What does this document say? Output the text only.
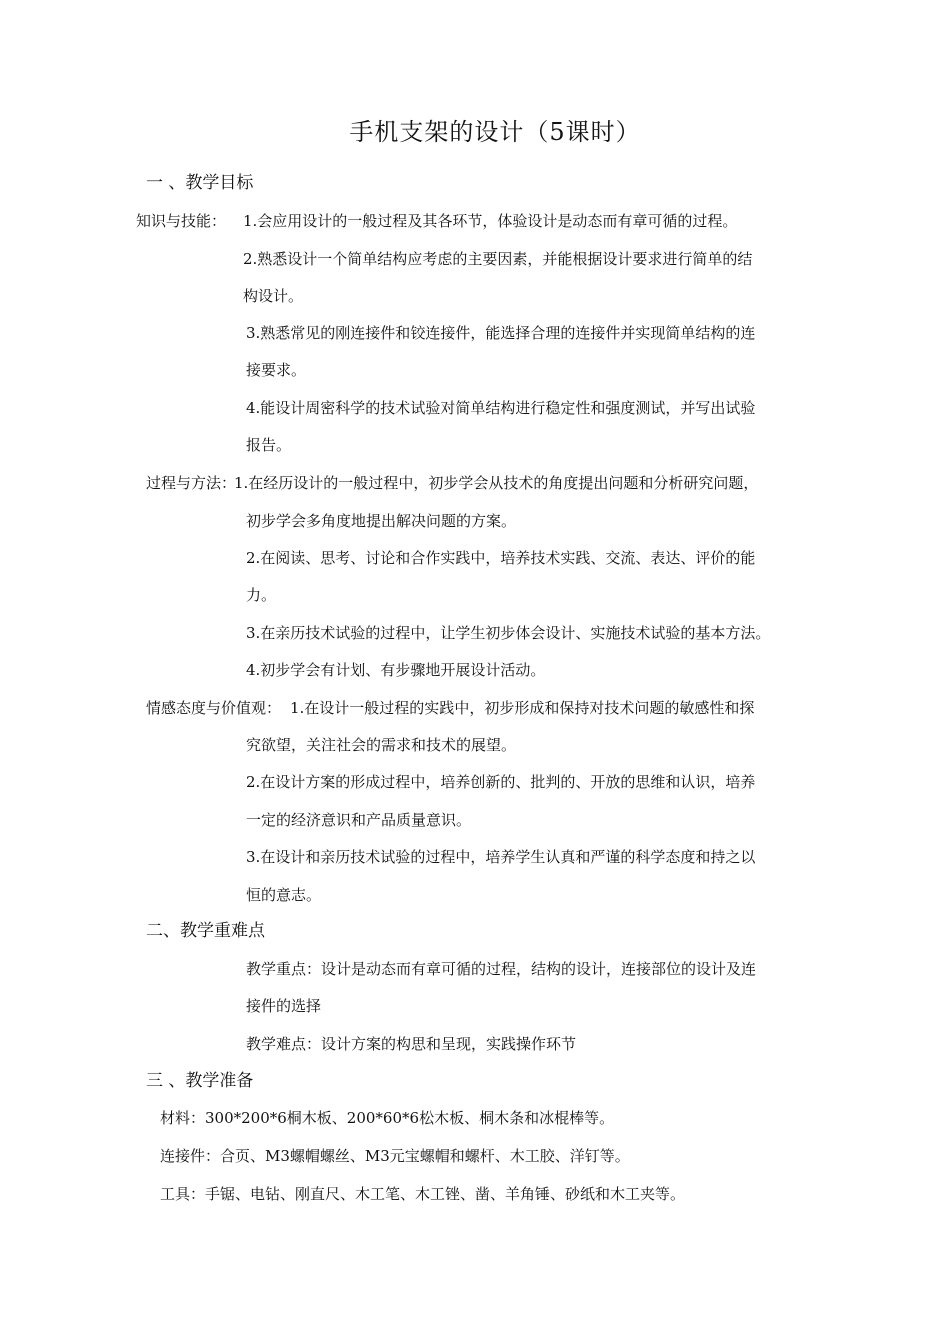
手机支架的设计（5课时）
一 、教学目标
知识与技能： 1.会应用设计的一般过程及其各环节，体验设计是动态而有章可循的过程。
2.熟悉设计一个简单结构应考虑的主要因素，并能根据设计要求进行简单的结
构设计。
3.熟悉常见的刚连接件和铰连接件，能选择合理的连接件并实现简单结构的连
接要求。
4.能设计周密科学的技术试验对简单结构进行稳定性和强度测试，并写出试验
报告。
过程与方法：
1.在经历设计的一般过程中，初步学会从技术的角度提出问题和分析研究问题，
初步学会多角度地提出解决问题的方案。
2.在阅读、思考、讨论和合作实践中，培养技术实践、交流、表达、评价的能
力。
3.在亲历技术试验的过程中，让学生初步体会设计、实施技术试验的基本方法。
4.初步学会有计划、有步骤地开展设计活动。
情感态度与价值观： 1.在设计一般过程的实践中，初步形成和保持对技术问题的敏感性和探
究欲望，关注社会的需求和技术的展望。
2.在设计方案的形成过程中，培养创新的、批判的、开放的思维和认识，培养
一定的经济意识和产品质量意识。
3.在设计和亲历技术试验的过程中，培养学生认真和严谨的科学态度和持之以
恒的意志。
二、教学重难点
教学重点：设计是动态而有章可循的过程，结构的设计，连接部位的设计及连
接件的选择
教学难点：设计方案的构思和呈现，实践操作环节
三 、教学准备
材料：300*200*6桐木板、200*60*6松木板、桐木条和冰棍棒等。
连接件：合页、M3螺帽螺丝、M3元宝螺帽和螺杆、木工胶、洋钉等。
工具：手锯、电钻、刚直尺、木工笔、木工锉、凿、羊角锤、砂纸和木工夹等。
